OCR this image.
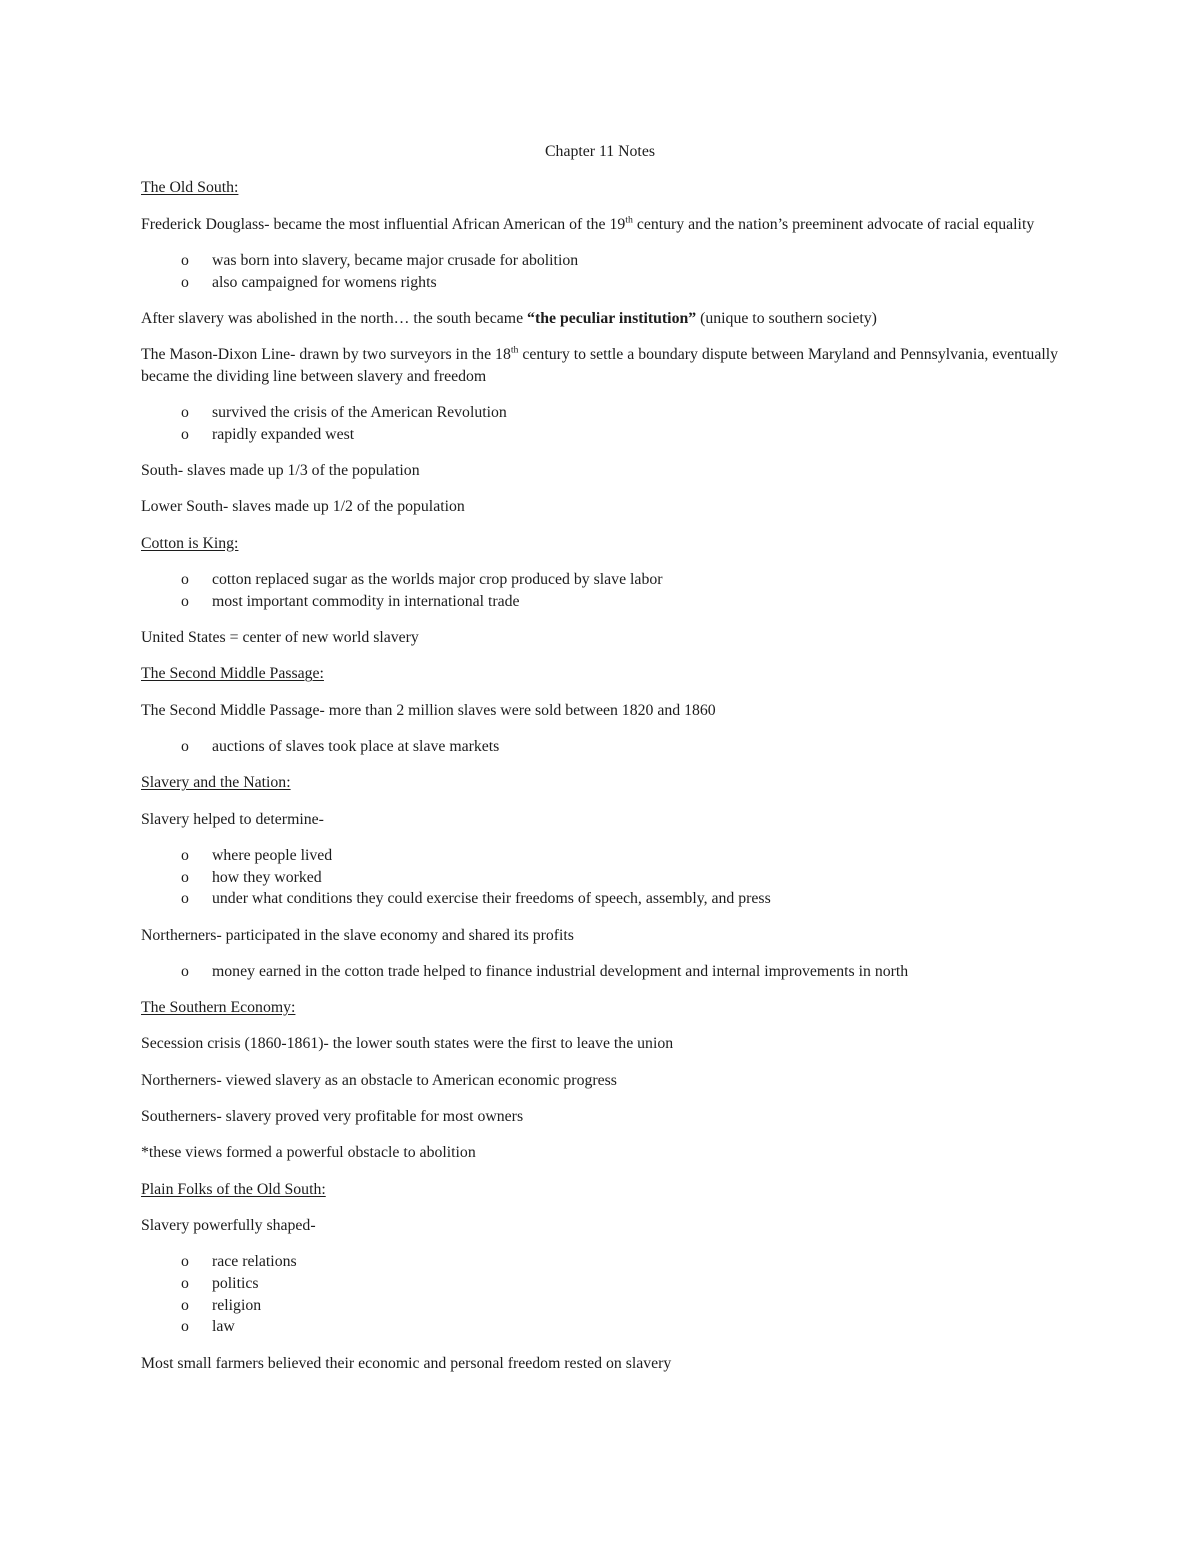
Chapter 11 Notes
The Old South:

Frederick Douglass- became the most influential African American of the 19th century and the nation’s preeminent advocate of racial equality

o	was born into slavery, became major crusade for abolition
o	also campaigned for womens rights

After slavery was abolished in the north… the south became “the peculiar institution” (unique to southern society)

The Mason-Dixon Line- drawn by two surveyors in the 18th century to settle a boundary dispute between Maryland and Pennsylvania, eventually became the dividing line between slavery and freedom

o	survived the crisis of the American Revolution
o	rapidly expanded west

South- slaves made up 1/3 of the population

Lower South- slaves made up 1/2 of the population

Cotton is King:
o	cotton replaced sugar as the worlds major crop produced by slave labor
o	most important commodity in international trade

United States = center of new world slavery

The Second Middle Passage:

The Second Middle Passage- more than 2 million slaves were sold between 1820 and 1860

o	auctions of slaves took place at slave markets
Slavery and the Nation:

Slavery helped to determine-

o	where people lived
o	how they worked
o	under what conditions they could exercise their freedoms of speech, assembly, and press

Northerners- participated in the slave economy and shared its profits

o	money earned in the cotton trade helped to finance industrial development and internal improvements in north
The Southern Economy:

Secession crisis (1860-1861)- the lower south states were the first to leave the union

Northerners- viewed slavery as an obstacle to American economic progress

Southerners- slavery proved very profitable for most owners

*these views formed a powerful obstacle to abolition

Plain Folks of the Old South:

Slavery powerfully shaped-

o	race relations
o	politics
o	religion
o	law

Most small farmers believed their economic and personal freedom rested on slavery
